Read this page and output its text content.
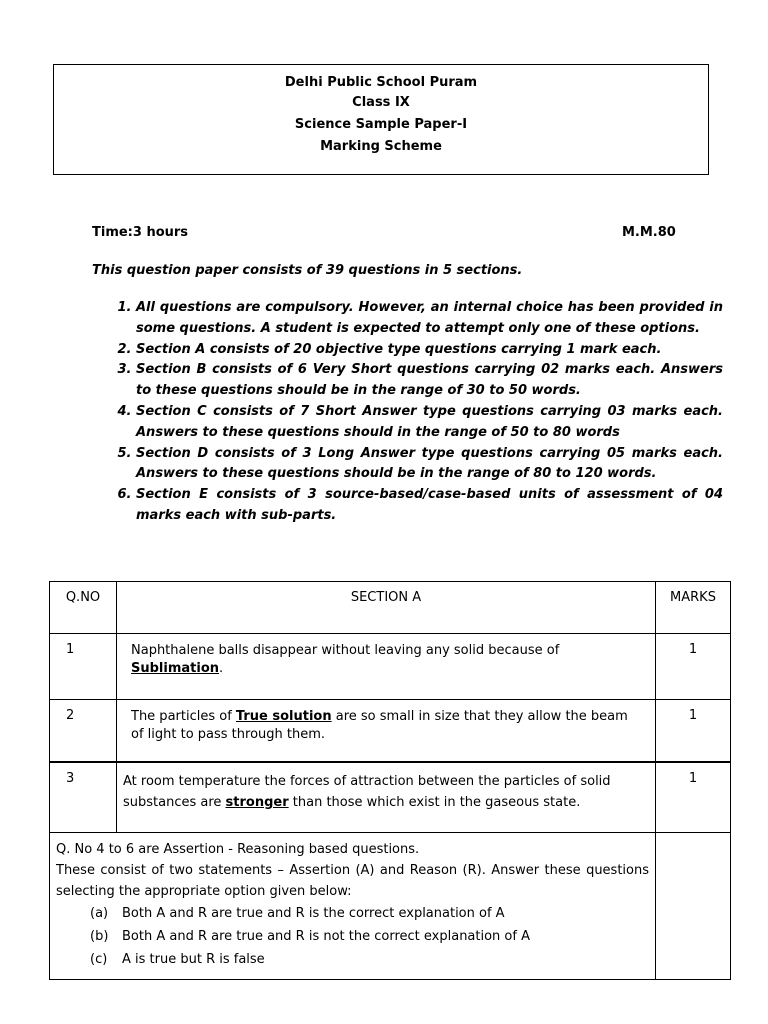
Delhi Public School Puram
Class IX
Science Sample Paper-I
Marking Scheme
Time:3 hours	M.M.80
This question paper consists of 39 questions in 5 sections.
1. All questions are compulsory. However, an internal choice has been provided in some questions. A student is expected to attempt only one of these options.
2. Section A consists of 20 objective type questions carrying 1 mark each.
3. Section B consists of 6 Very Short questions carrying 02 marks each. Answers to these questions should be in the range of 30 to 50 words.
4. Section C consists of 7 Short Answer type questions carrying 03 marks each. Answers to these questions should in the range of 50 to 80 words
5. Section D consists of 3 Long Answer type questions carrying 05 marks each. Answers to these questions should be in the range of 80 to 120 words.
6. Section E consists of 3 source-based/case-based units of assessment of 04 marks each with sub-parts.
Q.NO	SECTION A	MARKS
1	Naphthalene balls disappear without leaving any solid because of Sublimation.	1
2	The particles of True solution are so small in size that they allow the beam of light to pass through them.	1
3	At room temperature the forces of attraction between the particles of solid substances are stronger than those which exist in the gaseous state.	1

Q. No 4 to 6 are Assertion - Reasoning based questions.
These consist of two statements – Assertion (A) and Reason (R). Answer these questions selecting the appropriate option given below:
(a) Both A and R are true and R is the correct explanation of A
(b) Both A and R are true and R is not the correct explanation of A
(c) A is true but R is false		
